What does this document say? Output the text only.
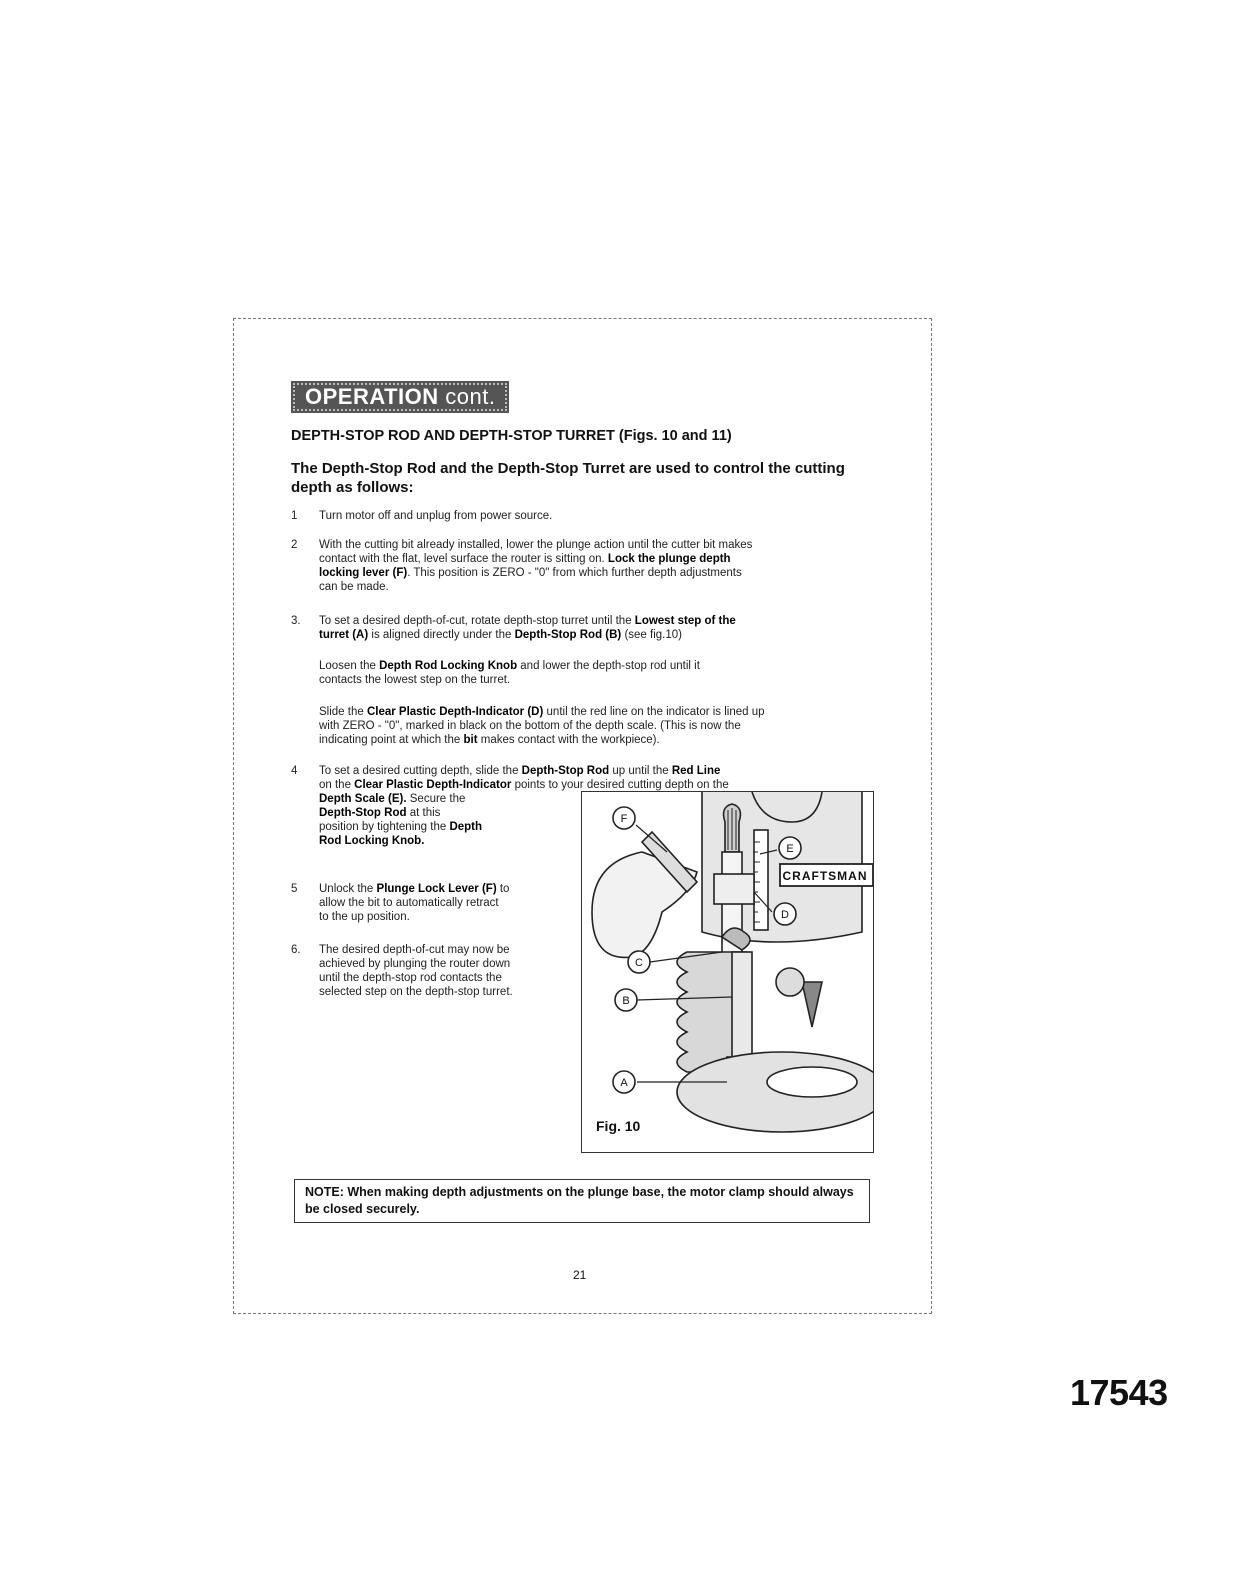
OPERATION cont.
DEPTH-STOP ROD AND DEPTH-STOP TURRET (Figs. 10 and 11)
The Depth-Stop Rod and the Depth-Stop Turret are used to control the cutting depth as follows:
1 Turn motor off and unplug from power source.
2 With the cutting bit already installed, lower the plunge action until the cutter bit makes
contact with the flat, level surface the router is sitting on. Lock the plunge depth
locking lever (F). This position is ZERO - "0" from which further depth adjustments
can be made.
3. To set a desired depth-of-cut, rotate depth-stop turret until the Lowest step of the
turret (A) is aligned directly under the Depth-Stop Rod (B) (see fig.10)
Loosen the Depth Rod Locking Knob and lower the depth-stop rod until it
contacts the lowest step on the turret.
Slide the Clear Plastic Depth-Indicator (D) until the red line on the indicator is lined up
with ZERO - "0", marked in black on the bottom of the depth scale. (This is now the
indicating point at which the bit makes contact with the workpiece).
4 To set a desired cutting depth, slide the Depth-Stop Rod up until the Red Line
on the Clear Plastic Depth-Indicator points to your desired cutting depth on the
Depth Scale (E). Secure the
Depth-Stop Rod at this
position by tightening the Depth
Rod Locking Knob.
5 Unlock the Plunge Lock Lever (F) to
allow the bit to automatically retract
to the up position.
6. The desired depth-of-cut may now be
achieved by plunging the router down
until the depth-stop rod contacts the
selected step on the depth-stop turret.
F
E
D
C
B
A
CRAFTSMAN
Fig. 10
NOTE: When making depth adjustments on the plunge base, the motor clamp should always be closed securely.
21
17543
